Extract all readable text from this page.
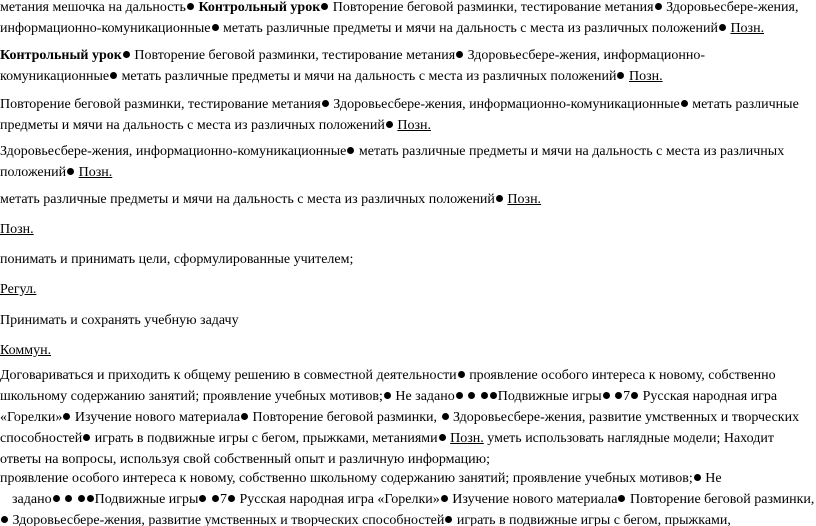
метания мешочка на дальность Контрольный урок Повторение беговой разминки, тестирование метания Здоровьесбере-жения,
информационно-комуникационные метать различные предметы и мячи на дальность с места из различных положений Позн.
Контрольный урок Повторение беговой разминки, тестирование метания Здоровьесбере-жения, информационно-
комуникационные метать различные предметы и мячи на дальность с места из различных положений Позн.
Повторение беговой разминки, тестирование метания Здоровьесбере-жения, информационно-комуникационные метать различные
предметы и мячи на дальность с места из различных положений Позн.
Здоровьесбере-жения, информационно-комуникационные метать различные предметы и мячи на дальность с места из различных
положений Позн.
метать различные предметы и мячи на дальность с места из различных положений Позн.
Позн.
понимать и принимать цели, сформулированные учителем;
Регул.
Принимать и сохранять учебную задачу
Коммун.
Договариваться и приходить к общему решению в совместной деятельности проявление особого интереса к новому, собственно
школьному содержанию занятий; проявление учебных мотивов; Не задано	Подвижные игры 7 Русская народная игра
«Горелки» Изучение нового материала Повторение беговой разминки,  Здоровьесбере-жения, развитие умственных и творческих
способностей играть в подвижные игры с бегом, прыжками, метаниями Позн. уметь использовать наглядные модели; Находит
ответы на вопросы, используя свой собственный опыт и различную информацию;
проявление особого интереса к новому, собственно школьному содержанию занятий; проявление учебных мотивов; Не
задано	Подвижные игры 7 Русская народная игра «Горелки» Изучение нового материала Повторение беговой разминки,
Здоровьесбере-жения, развитие умственных и творческих способностей играть в подвижные игры с бегом, прыжками,
